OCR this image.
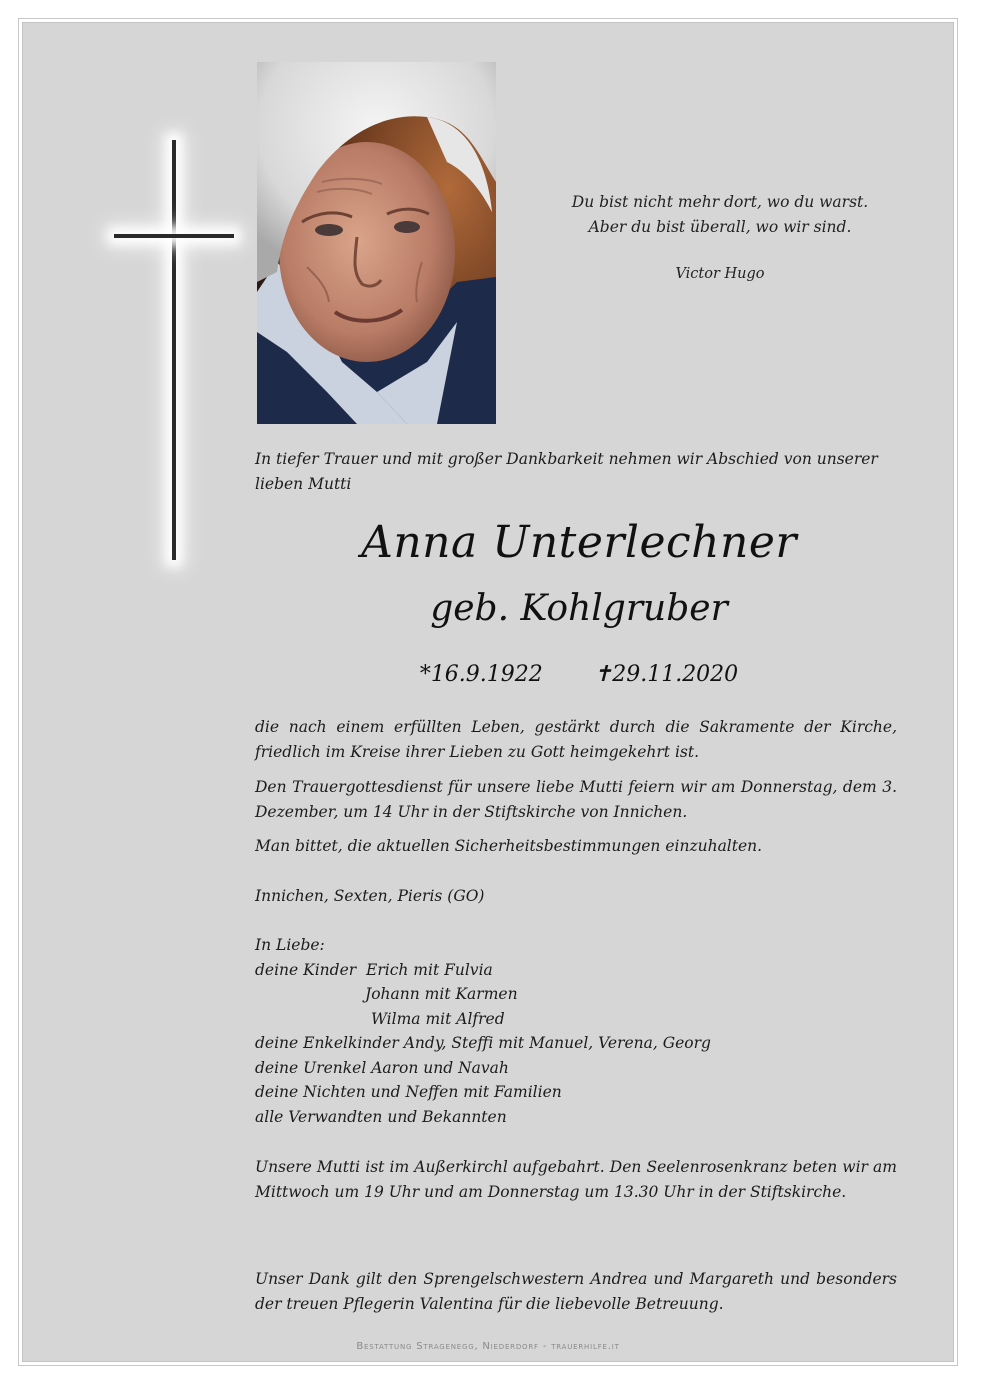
Du bist nicht mehr dort, wo du warst.
Aber du bist überall, wo wir sind.
Victor Hugo
In tiefer Trauer und mit großer Dankbarkeit nehmen wir Abschied von unserer lieben Mutti
Anna Unterlechner
geb. Kohlgruber
*16.9.1922 ✝29.11.2020
die nach einem erfüllten Leben, gestärkt durch die Sakramente der Kirche, friedlich im Kreise ihrer Lieben zu Gott heimgekehrt ist.
Den Trauergottesdienst für unsere liebe Mutti feiern wir am Donnerstag, dem 3. Dezember, um 14 Uhr in der Stiftskirche von Innichen.
Man bittet, die aktuellen Sicherheitsbestimmungen einzuhalten.
Innichen, Sexten, Pieris (GO)
In Liebe:
deine Kinder Erich mit Fulvia
Johann mit Karmen
Wilma mit Alfred
deine Enkelkinder Andy, Steffi mit Manuel, Verena, Georg
deine Urenkel Aaron und Navah
deine Nichten und Neffen mit Familien
alle Verwandten und Bekannten
Unsere Mutti ist im Außerkirchl aufgebahrt. Den Seelenrosenkranz beten wir am Mittwoch um 19 Uhr und am Donnerstag um 13.30 Uhr in der Stiftskirche.
Unser Dank gilt den Sprengelschwestern Andrea und Margareth und besonders der treuen Pflegerin Valentina für die liebevolle Betreuung.
Bestattung Stragenegg, Niederdorf - trauerhilfe.it
